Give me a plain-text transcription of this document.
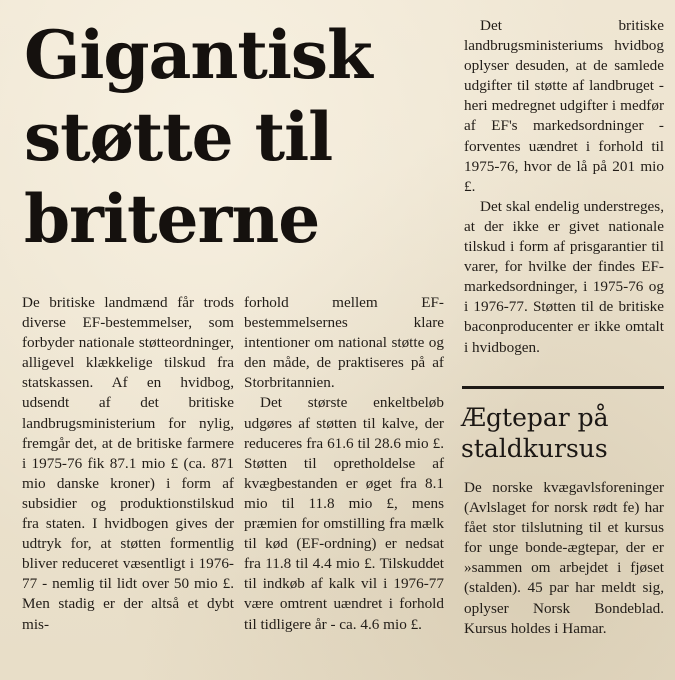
Gigantisk
støtte til
briterne

De britiske landmænd får trods diverse EF-bestemmelser, som forbyder nationale støtteordninger, alligevel klækkelige tilskud fra statskassen. Af en hvidbog, udsendt af det britiske landbrugsministerium for nylig, fremgår det, at de britiske farmere i 1975-76 fik 87.1 mio £ (ca. 871 mio danske kroner) i form af subsidier og produktionstilskud fra staten. I hvidbogen gives der udtryk for, at støtten formentlig bliver reduceret væsentligt i 1976-77 - nemlig til lidt over 50 mio £. Men stadig er der altså et dybt mis-

forhold mellem EF-bestemmelsernes klare intentioner om national støtte og den måde, de praktiseres på af Storbritannien.

Det største enkeltbeløb udgøres af støtten til kalve, der reduceres fra 61.6 til 28.6 mio £. Støtten til opretholdelse af kvægbestanden er øget fra 8.1 mio til 11.8 mio £, mens præmien for omstilling fra mælk til kød (EF-ordning) er nedsat fra 11.8 til 4.4 mio £. Tilskuddet til indkøb af kalk vil i 1976-77 være omtrent uændret i forhold til tidligere år - ca. 4.6 mio £.

Det britiske landbrugsministeriums hvidbog oplyser desuden, at de samlede udgifter til støtte af landbruget - heri medregnet udgifter i medfør af EF's markedsordninger - forventes uændret i forhold til 1975-76, hvor de lå på 201 mio £.

Det skal endelig understreges, at der ikke er givet nationale tilskud i form af prisgarantier til varer, for hvilke der findes EF-markedsordninger, i 1975-76 og i 1976-77. Støtten til de britiske baconproducenter er ikke omtalt i hvidbogen.

Ægtepar på staldkursus

De norske kvægavlsforeninger (Avlslaget for norsk rødt fe) har fået stor tilslutning til et kursus for unge bonde-ægtepar, der er »sammen om arbejdet i fjøset (stalden). 45 par har meldt sig, oplyser Norsk Bondeblad. Kursus holdes i Hamar.
